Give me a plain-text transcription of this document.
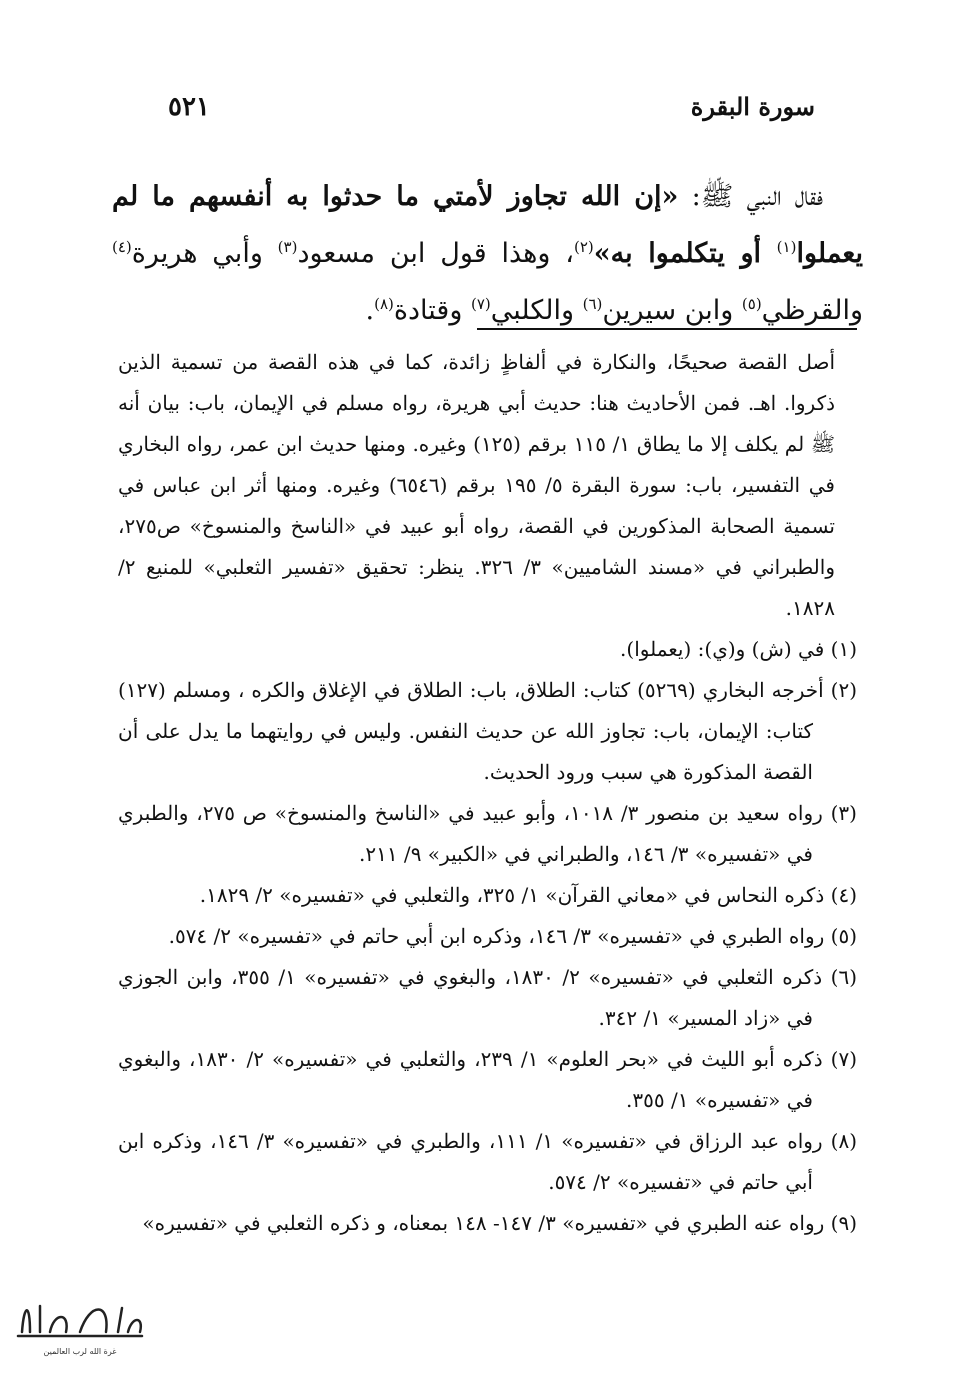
سورة البقرة
٥٢١

فقال النبي ﷺ: «إن الله تجاوز لأمتي ما حدثوا به أنفسهم ما لم يعملوا$^{(١)}$ أو يتكلموا به»$^{(٢)}$، وهذا قول ابن مسعود$^{(٣)}$ وأبي هريرة$^{(٤)}$ والقرظي$^{(٥)}$ وابن سيرين$^{(٦)}$ والكلبي$^{(٧)}$ وقتادة$^{(٨)}$.

أصل القصة صحيحًا، والنكارة في ألفاظٍ زائدة، كما في هذه القصة من تسمية الذين ذكروا. اهـ. فمن الأحاديث هنا: حديث أبي هريرة، رواه مسلم في الإيمان، باب: بيان أنه ﷺ لم يكلف إلا ما يطاق ١/ ١١٥ برقم (١٢٥) وغيره. ومنها حديث ابن عمر، رواه البخاري في التفسير، باب: سورة البقرة ٥/ ١٩٥ برقم (٦٥٤٦) وغيره. ومنها أثر ابن عباس في تسمية الصحابة المذكورين في القصة، رواه أبو عبيد في «الناسخ والمنسوخ» ص٢٧٥، والطبراني في «مسند الشاميين» ٣/ ٣٢٦. ينظر: تحقيق «تفسير الثعلبي» للمنيع ٢/ ١٨٢٨.

(١) في (ش) و(ي): (يعملوا).

(٢) أخرجه البخاري (٥٢٦٩) كتاب: الطلاق، باب: الطلاق في الإغلاق والكره ، ومسلم (١٢٧) كتاب: الإيمان، باب: تجاوز الله عن حديث النفس. وليس في روايتهما ما يدل على أن القصة المذكورة هي سبب ورود الحديث.

(٣) رواه سعيد بن منصور ٣/ ١٠١٨، وأبو عبيد في «الناسخ والمنسوخ» ص ٢٧٥، والطبري في «تفسيره» ٣/ ١٤٦، والطبراني في «الكبير» ٩/ ٢١١.

(٤) ذكره النحاس في «معاني القرآن» ١/ ٣٢٥، والثعلبي في «تفسيره» ٢/ ١٨٢٩.

(٥) رواه الطبري في «تفسيره» ٣/ ١٤٦، وذكره ابن أبي حاتم في «تفسيره» ٢/ ٥٧٤.

(٦) ذكره الثعلبي في «تفسيره» ٢/ ١٨٣٠، والبغوي في «تفسيره» ١/ ٣٥٥، وابن الجوزي في «زاد المسير» ١/ ٣٤٢.

(٧) ذكره أبو الليث في «بحر العلوم» ١/ ٢٣٩، والثعلبي في «تفسيره» ٢/ ١٨٣٠، والبغوي في «تفسيره» ١/ ٣٥٥.

(٨) رواه عبد الرزاق في «تفسيره» ١/ ١١١، والطبري في «تفسيره» ٣/ ١٤٦، وذكره ابن أبي حاتم في «تفسيره» ٢/ ٥٧٤.

(٩) رواه عنه الطبري في «تفسيره» ٣/ ١٤٧- ١٤٨ بمعناه، و ذكره الثعلبي في «تفسيره»

غرة الله لرب العالمين
